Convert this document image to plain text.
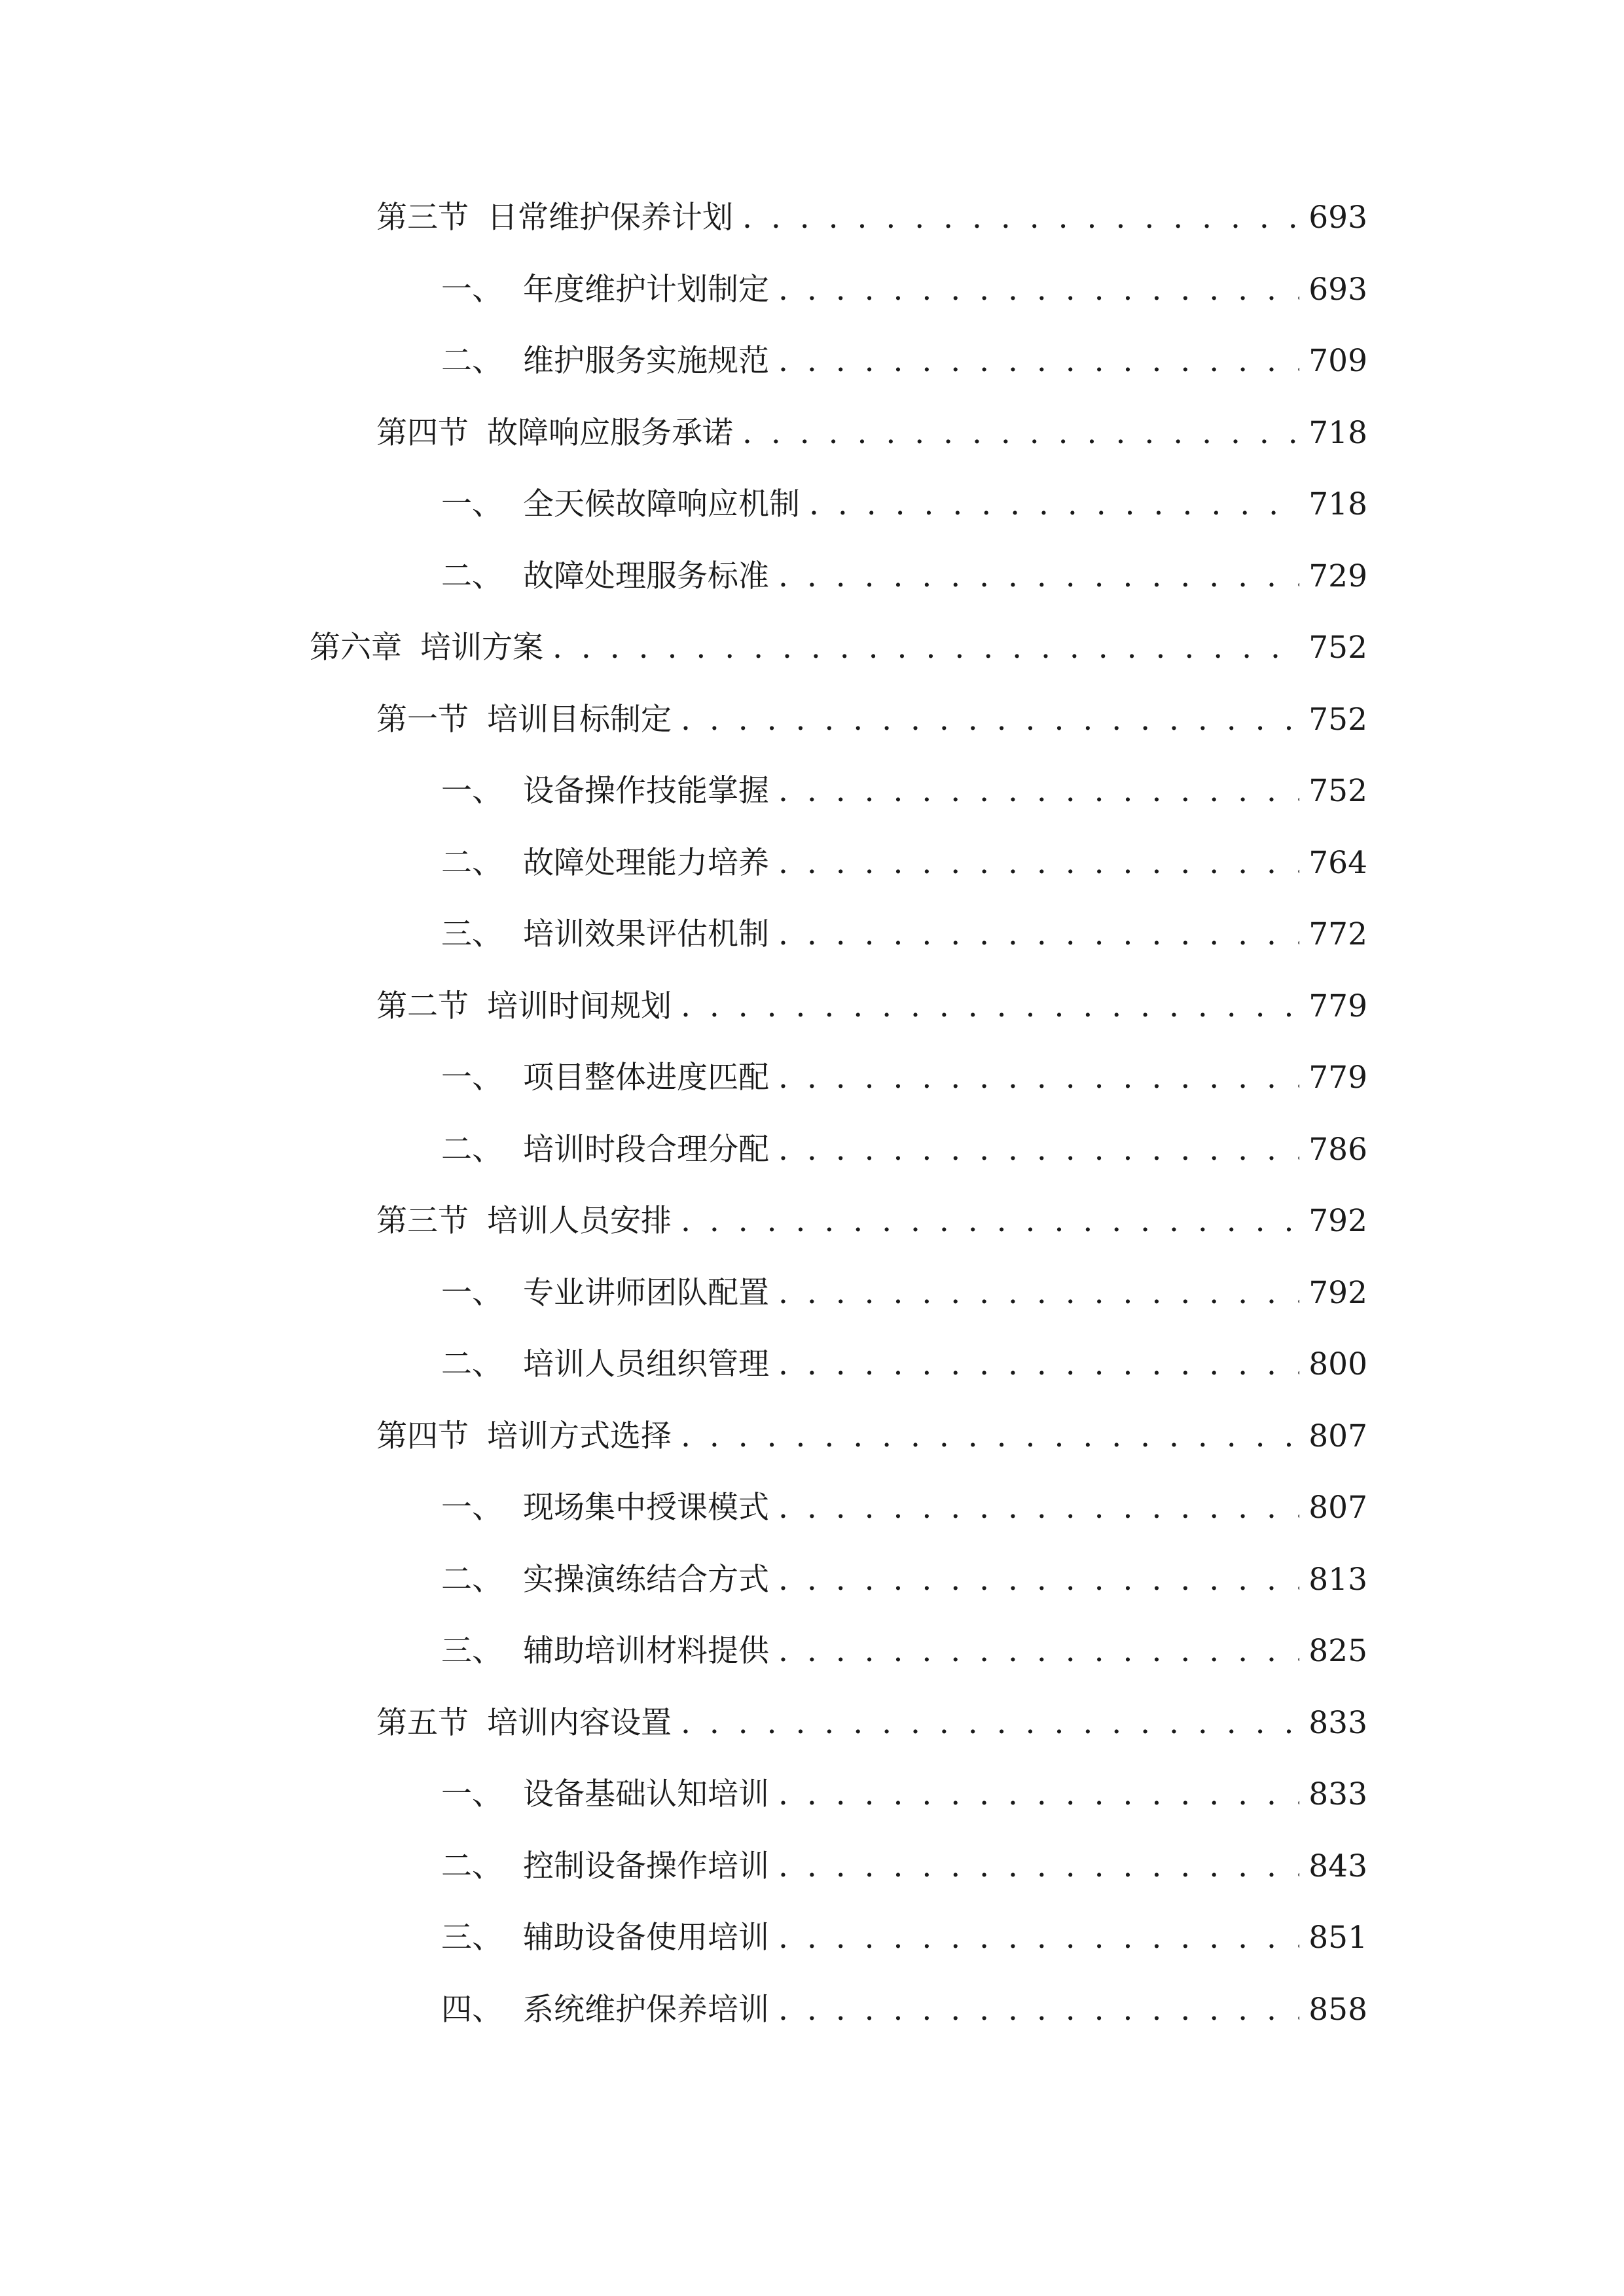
第三节 日常维护保养计划 . . .	693
一、 年度维护计划制定 . . .	693
二、 维护服务实施规范 . . .	709
第四节 故障响应服务承诺 . . .	718
一、 全天候故障响应机制 . . .	718
二、 故障处理服务标准 . . .	729
第六章 培训方案 . . .	752
第一节 培训目标制定 . . .	752
一、 设备操作技能掌握 . . .	752
二、 故障处理能力培养 . . .	764
三、 培训效果评估机制 . . .	772
第二节 培训时间规划 . . .	779
一、 项目整体进度匹配 . . .	779
二、 培训时段合理分配 . . .	786
第三节 培训人员安排 . . .	792
一、 专业讲师团队配置 . . .	792
二、 培训人员组织管理 . . .	800
第四节 培训方式选择 . . .	807
一、 现场集中授课模式 . . .	807
二、 实操演练结合方式 . . .	813
三、 辅助培训材料提供 . . .	825
第五节 培训内容设置 . . .	833
一、 设备基础认知培训 . . .	833
二、 控制设备操作培训 . . .	843
三、 辅助设备使用培训 . . .	851
四、 系统维护保养培训 . . .	858
